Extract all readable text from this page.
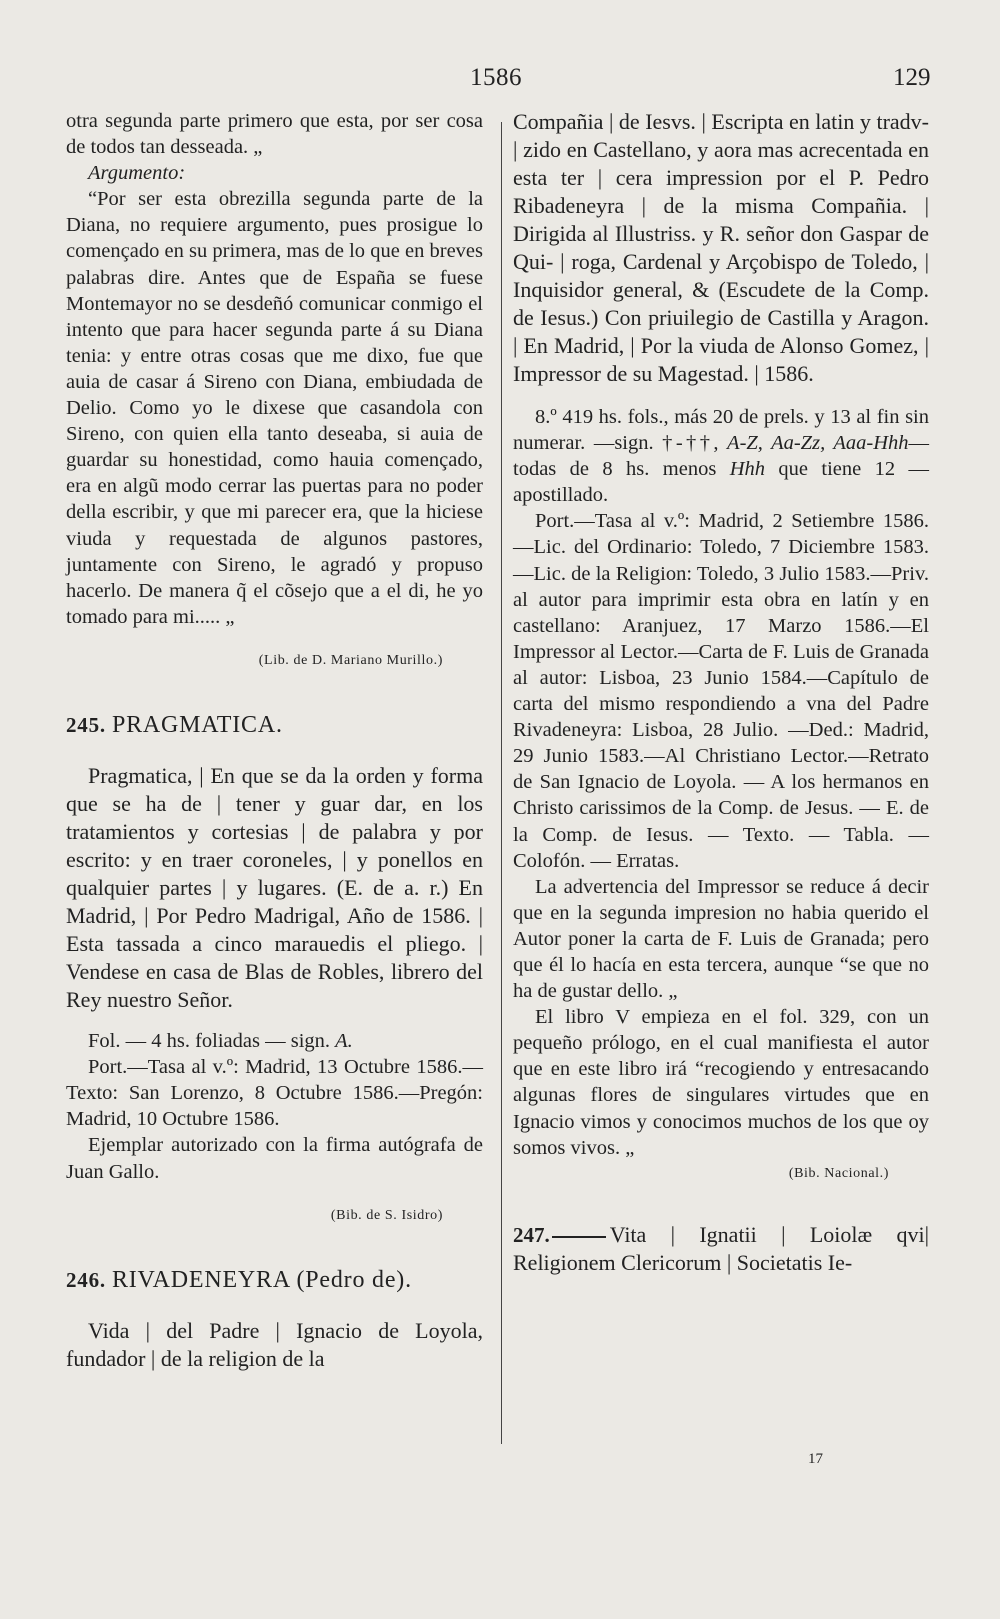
1586	129

otra segunda parte primero que esta, por ser cosa de todos tan desseada. „

Argumento:

“Por ser esta obrezilla segunda parte de la Diana, no requiere argumento, pues prosigue lo començado en su primera, mas de lo que en breves palabras dire. Antes que de España se fuese Montemayor no se desdeñó comunicar conmigo el intento que para hacer segunda parte á su Diana tenia: y entre otras cosas que me dixo, fue que auia de casar á Sireno con Diana, embiudada de Delio. Como yo le dixese que casandola con Sireno, con quien ella tanto deseaba, si auia de guardar su honestidad, como hauia començado, era en algũ modo cerrar las puertas para no poder della escribir, y que mi parecer era, que la hiciese viuda y requestada de algunos pastores, juntamente con Sireno, le agradó y propuso hacerlo. De manera q̃ el cõsejo que a el di, he yo tomado para mi..... „

(Lib. de D. Mariano Murillo.)

245. PRAGMATICA.

Pragmatica, | En que se da la orden y forma que se ha de | tener y guar dar, en los tratamientos y cortesias | de palabra y por escrito: y en traer coroneles, | y ponellos en qualquier partes | y lugares. (E. de a. r.) En Madrid, | Por Pedro Madrigal, Año de 1586. | Esta tassada a cinco marauedis el pliego. | Vendese en casa de Blas de Robles, librero del Rey nuestro Señor.

Fol. — 4 hs. foliadas — sign. A.

Port.—Tasa al v.º: Madrid, 13 Octubre 1586.—Texto: San Lorenzo, 8 Octubre 1586.—Pregón: Madrid, 10 Octubre 1586.

Ejemplar autorizado con la firma autógrafa de Juan Gallo.

(Bib. de S. Isidro)

246. RIVADENEYRA (Pedro de).

Vida | del Padre | Ignacio de Loyola, fundador | de la religion de la

Compañia | de Iesvs. | Escripta en latin y tradv- | zido en Castellano, y aora mas acrecentada en esta ter | cera impression por el P. Pedro Ribadeneyra | de la misma Compañia. | Dirigida al Illustriss. y R. señor don Gaspar de Qui- | roga, Cardenal y Arçobispo de Toledo, | Inquisidor general, & (Escudete de la Comp. de Iesus.) Con priuilegio de Castilla y Aragon. | En Madrid, | Por la viuda de Alonso Gomez, | Impressor de su Magestad. | 1586.

8.º 419 hs. fols., más 20 de prels. y 13 al fin sin numerar. —sign. †-††, A-Z, Aa-Zz, Aaa-Hhh—todas de 8 hs. menos Hhh que tiene 12 — apostillado.

Port.—Tasa al v.º: Madrid, 2 Setiembre 1586.—Lic. del Ordinario: Toledo, 7 Diciembre 1583.—Lic. de la Religion: Toledo, 3 Julio 1583.—Priv. al autor para imprimir esta obra en latín y en castellano: Aranjuez, 17 Marzo 1586.—El Impressor al Lector.—Carta de F. Luis de Granada al autor: Lisboa, 23 Junio 1584.—Capítulo de carta del mismo respondiendo a vna del Padre Rivadeneyra: Lisboa, 28 Julio. —Ded.: Madrid, 29 Junio 1583.—Al Christiano Lector.—Retrato de San Ignacio de Loyola. — A los hermanos en Christo carissimos de la Comp. de Jesus. — E. de la Comp. de Iesus. — Texto. — Tabla. — Colofón. — Erratas.

La advertencia del Impressor se reduce á decir que en la segunda impresion no habia querido el Autor poner la carta de F. Luis de Granada; pero que él lo hacía en esta tercera, aunque “se que no ha de gustar dello. „

El libro V empieza en el fol. 329, con un pequeño prólogo, en el cual manifiesta el autor que en este libro irá “recogiendo y entresacando algunas flores de singulares virtudes que en Ignacio vimos y conocimos muchos de los que oy somos vivos. „

(Bib. Nacional.)

247.	Vita | Ignatii | Loiolæ qvi| Religionem Clericorum | Societatis Ie-

17
